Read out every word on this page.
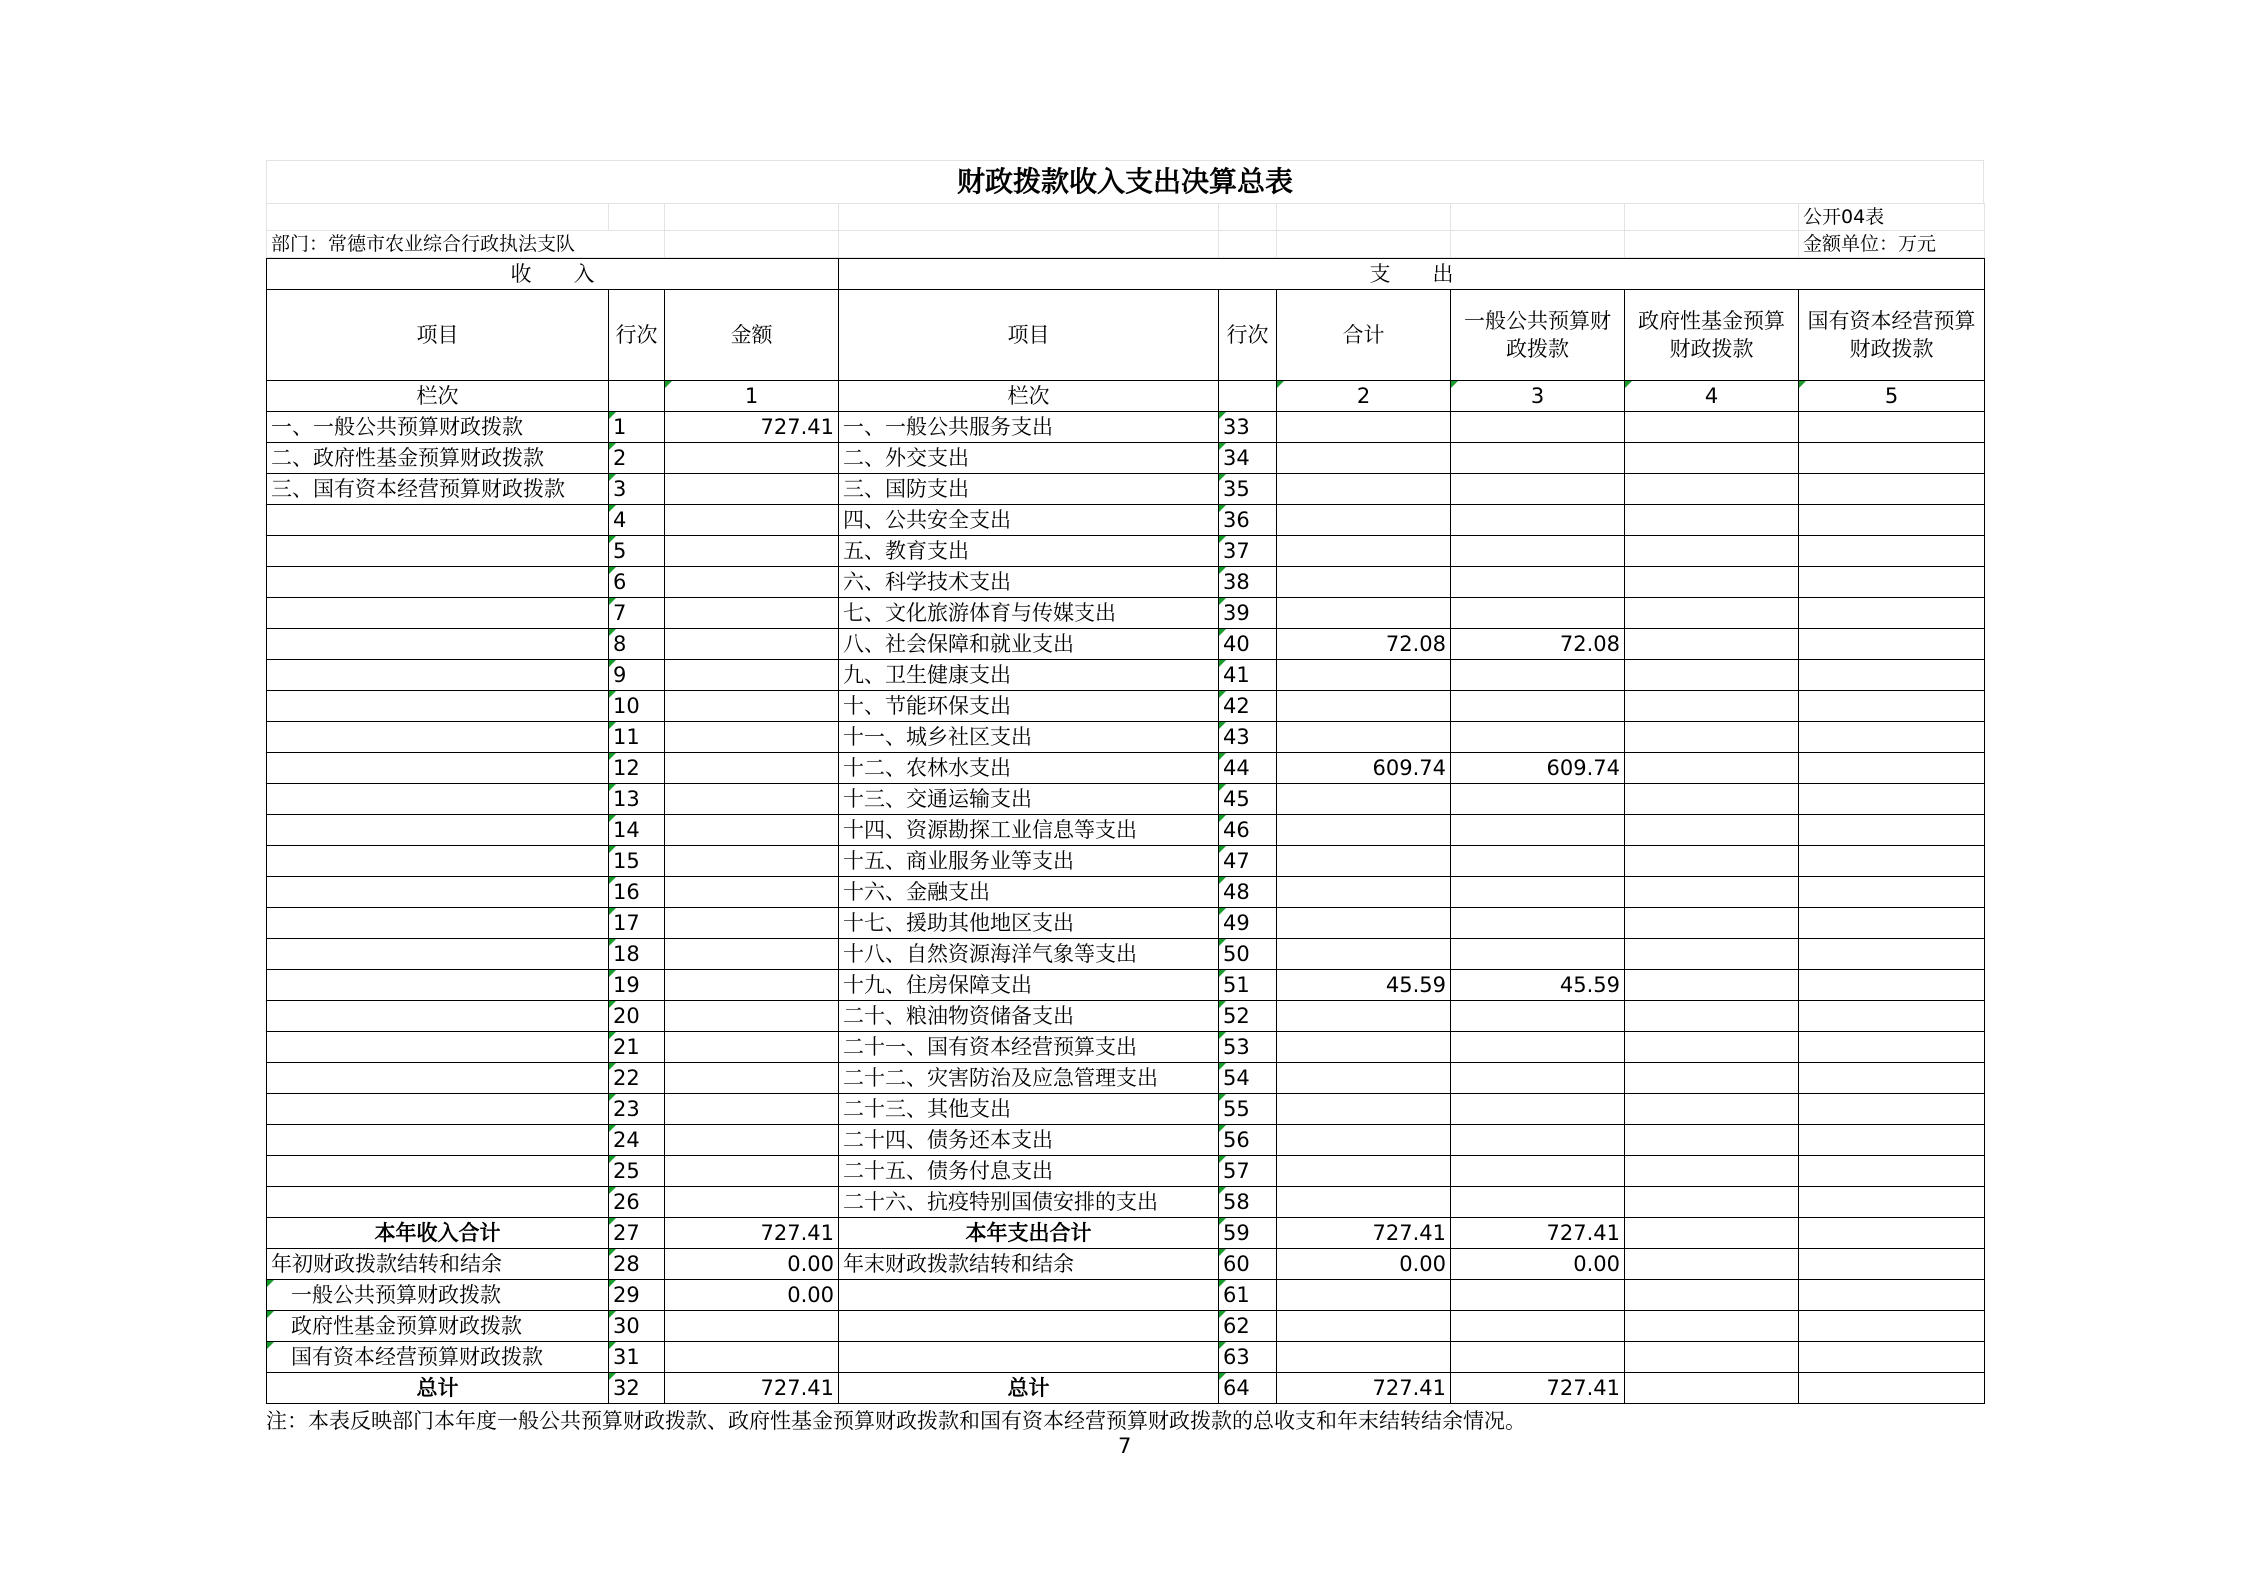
财政拨款收入支出决算总表
								公开04表
部门：常德市农业综合行政执法支队								金额单位：万元
收　　入			支　　出					
项目	行次	金额	项目	行次	合计	一般公共预算财政拨款	政府性基金预算财政拨款	国有资本经营预算财政拨款
栏次		1	栏次		2	3	4	5
一、一般公共预算财政拨款	1	727.41	一、一般公共服务支出	33				
二、政府性基金预算财政拨款	2		二、外交支出	34				
三、国有资本经营预算财政拨款	3		三、国防支出	35				
	4		四、公共安全支出	36				
	5		五、教育支出	37				
	6		六、科学技术支出	38				
	7		七、文化旅游体育与传媒支出	39				
	8		八、社会保障和就业支出	40	72.08	72.08		
	9		九、卫生健康支出	41				
	10		十、节能环保支出	42				
	11		十一、城乡社区支出	43				
	12		十二、农林水支出	44	609.74	609.74		
	13		十三、交通运输支出	45				
	14		十四、资源勘探工业信息等支出	46				
	15		十五、商业服务业等支出	47				
	16		十六、金融支出	48				
	17		十七、援助其他地区支出	49				
	18		十八、自然资源海洋气象等支出	50				
	19		十九、住房保障支出	51	45.59	45.59		
	20		二十、粮油物资储备支出	52				
	21		二十一、国有资本经营预算支出	53				
	22		二十二、灾害防治及应急管理支出	54				
	23		二十三、其他支出	55				
	24		二十四、债务还本支出	56				
	25		二十五、债务付息支出	57				
	26		二十六、抗疫特别国债安排的支出	58				
本年收入合计	27	727.41	本年支出合计	59	727.41	727.41		
年初财政拨款结转和结余	28	0.00	年末财政拨款结转和结余	60	0.00	0.00		
一般公共预算财政拨款	29	0.00		61				
政府性基金预算财政拨款	30			62				
国有资本经营预算财政拨款	31			63				
总计	32	727.41	总计	64	727.41	727.41		
注：本表反映部门本年度一般公共预算财政拨款、政府性基金预算财政拨款和国有资本经营预算财政拨款的总收支和年末结转结余情况。
7
